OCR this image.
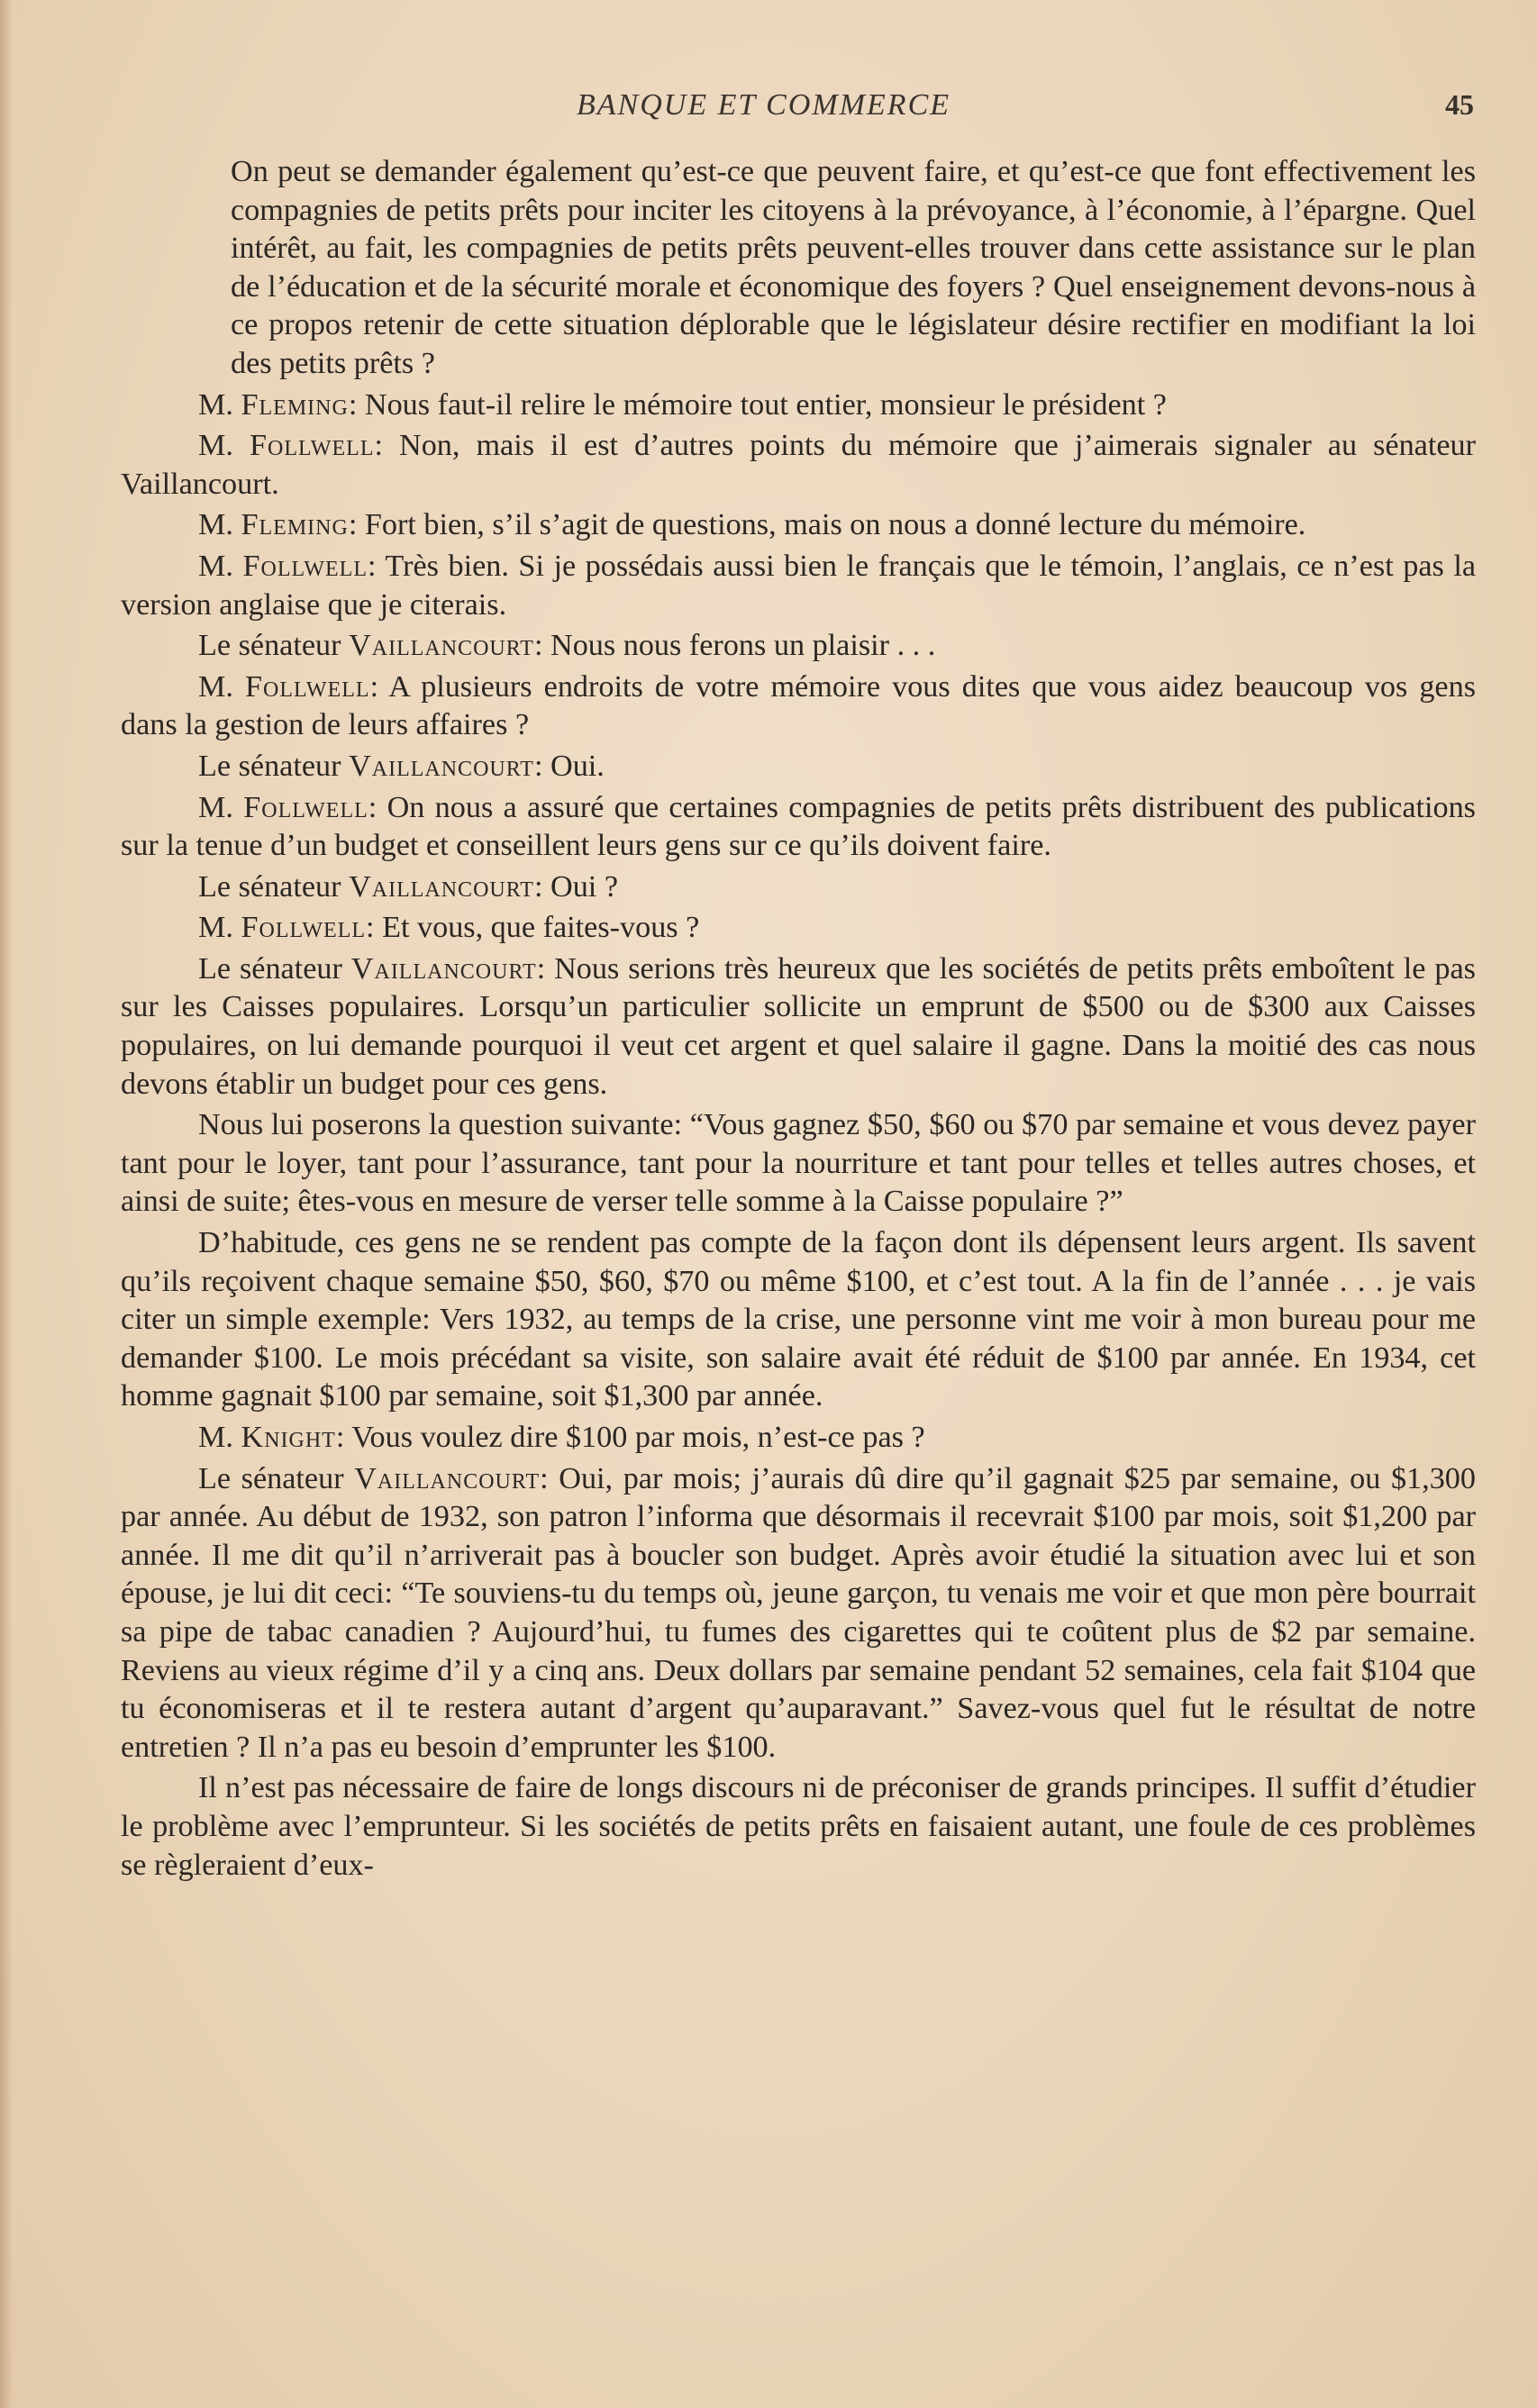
BANQUE ET COMMERCE	45

On peut se demander également qu’est-ce que peuvent faire, et qu’est-ce que font effectivement les compagnies de petits prêts pour inciter les citoyens à la prévoyance, à l’économie, à l’épargne. Quel intérêt, au fait, les compagnies de petits prêts peuvent-elles trouver dans cette assistance sur le plan de l’éducation et de la sécurité morale et économique des foyers ? Quel enseignement devons-nous à ce propos retenir de cette situation déplorable que le législateur désire rectifier en modifiant la loi des petits prêts ?

M. Fleming: Nous faut-il relire le mémoire tout entier, monsieur le président ?

M. Follwell: Non, mais il est d’autres points du mémoire que j’aimerais signaler au sénateur Vaillancourt.

M. Fleming: Fort bien, s’il s’agit de questions, mais on nous a donné lecture du mémoire.

M. Follwell: Très bien. Si je possédais aussi bien le français que le témoin, l’anglais, ce n’est pas la version anglaise que je citerais.

Le sénateur Vaillancourt: Nous nous ferons un plaisir . . .

M. Follwell: A plusieurs endroits de votre mémoire vous dites que vous aidez beaucoup vos gens dans la gestion de leurs affaires ?

Le sénateur Vaillancourt: Oui.

M. Follwell: On nous a assuré que certaines compagnies de petits prêts distribuent des publications sur la tenue d’un budget et conseillent leurs gens sur ce qu’ils doivent faire.

Le sénateur Vaillancourt: Oui ?

M. Follwell: Et vous, que faites-vous ?

Le sénateur Vaillancourt: Nous serions très heureux que les sociétés de petits prêts emboîtent le pas sur les Caisses populaires. Lorsqu’un particulier sollicite un emprunt de $500 ou de $300 aux Caisses populaires, on lui demande pourquoi il veut cet argent et quel salaire il gagne. Dans la moitié des cas nous devons établir un budget pour ces gens.

Nous lui poserons la question suivante: “Vous gagnez $50, $60 ou $70 par semaine et vous devez payer tant pour le loyer, tant pour l’assurance, tant pour la nourriture et tant pour telles et telles autres choses, et ainsi de suite; êtes-vous en mesure de verser telle somme à la Caisse populaire ?”

D’habitude, ces gens ne se rendent pas compte de la façon dont ils dépensent leurs argent. Ils savent qu’ils reçoivent chaque semaine $50, $60, $70 ou même $100, et c’est tout. A la fin de l’année . . . je vais citer un simple exemple: Vers 1932, au temps de la crise, une personne vint me voir à mon bureau pour me demander $100. Le mois précédant sa visite, son salaire avait été réduit de $100 par année. En 1934, cet homme gagnait $100 par semaine, soit $1,300 par année.

M. Knight: Vous voulez dire $100 par mois, n’est-ce pas ?

Le sénateur Vaillancourt: Oui, par mois; j’aurais dû dire qu’il gagnait $25 par semaine, ou $1,300 par année. Au début de 1932, son patron l’informa que désormais il recevrait $100 par mois, soit $1,200 par année. Il me dit qu’il n’arriverait pas à boucler son budget. Après avoir étudié la situation avec lui et son épouse, je lui dit ceci: “Te souviens-tu du temps où, jeune garçon, tu venais me voir et que mon père bourrait sa pipe de tabac canadien ? Aujourd’hui, tu fumes des cigarettes qui te coûtent plus de $2 par semaine. Reviens au vieux régime d’il y a cinq ans. Deux dollars par semaine pendant 52 semaines, cela fait $104 que tu économiseras et il te restera autant d’argent qu’auparavant.” Savez-vous quel fut le résultat de notre entretien ? Il n’a pas eu besoin d’emprunter les $100.

Il n’est pas nécessaire de faire de longs discours ni de préconiser de grands principes. Il suffit d’étudier le problème avec l’emprunteur. Si les sociétés de petits prêts en faisaient autant, une foule de ces problèmes se règleraient d’eux-
